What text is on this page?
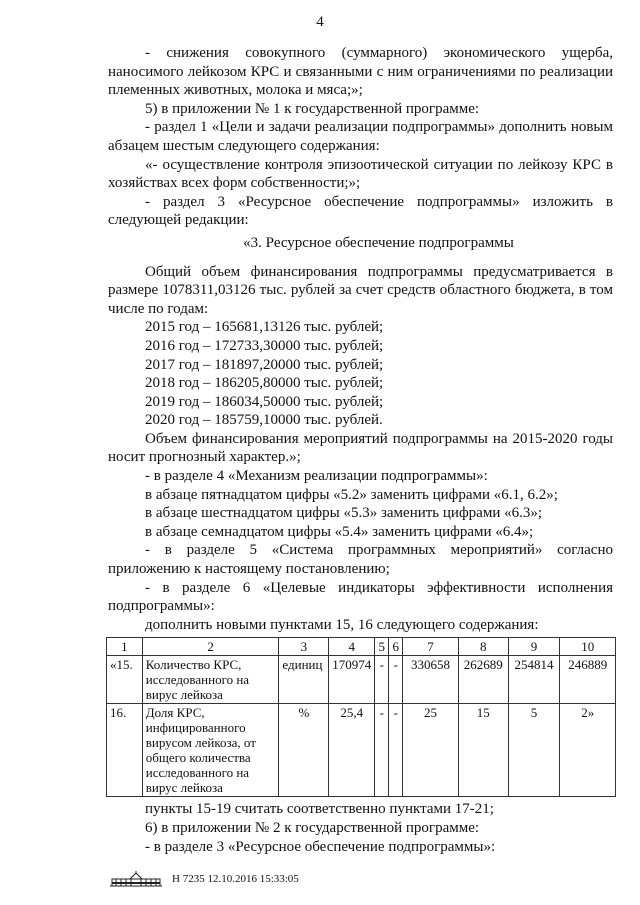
4

- снижения совокупного (суммарного) экономического ущерба, наносимого лейкозом КРС и связанными с ним ограничениями по реализации племенных животных, молока и мяса;»;

5) в приложении № 1 к государственной программе:

- раздел 1 «Цели и задачи реализации подпрограммы» дополнить новым абзацем шестым следующего содержания:

«- осуществление контроля эпизоотической ситуации по лейкозу КРС в хозяйствах всех форм собственности;»;

- раздел 3 «Ресурсное обеспечение подпрограммы» изложить в следующей редакции:

«3. Ресурсное обеспечение подпрограммы

Общий объем финансирования подпрограммы предусматривается в размере 1078311,03126 тыс. рублей за счет средств областного бюджета, в том числе по годам:

2015 год – 165681,13126 тыс. рублей;

2016 год – 172733,30000 тыс. рублей;

2017 год – 181897,20000 тыс. рублей;

2018 год – 186205,80000 тыс. рублей;

2019 год – 186034,50000 тыс. рублей;

2020 год – 185759,10000 тыс. рублей.

Объем финансирования мероприятий подпрограммы на 2015-2020 годы носит прогнозный характер.»;

- в разделе 4 «Механизм реализации подпрограммы»:

в абзаце пятнадцатом цифры «5.2» заменить цифрами «6.1, 6.2»;

в абзаце шестнадцатом цифры «5.3» заменить цифрами «6.3»;

в абзаце семнадцатом цифры «5.4» заменить цифрами «6.4»;

- в разделе 5 «Система программных мероприятий» согласно приложению к настоящему постановлению;

- в разделе 6 «Целевые индикаторы эффективности исполнения подпрограммы»:

дополнить новыми пунктами 15, 16 следующего содержания:

1	2	3	4	5	6	7	8	9	10
«15.	Количество КРС, исследованного на вирус лейкоза	единиц	170974	-	-	330658	262689	254814	246889
16.	Доля КРС, инфицированного вирусом лейкоза, от общего количества исследованного на вирус лейкоза	%	25,4	-	-	25	15	5	2»

пункты 15-19 считать соответственно пунктами 17-21;

6) в приложении № 2 к государственной программе:

- в разделе 3 «Ресурсное обеспечение подпрограммы»:

Н 7235 12.10.2016 15:33:05
